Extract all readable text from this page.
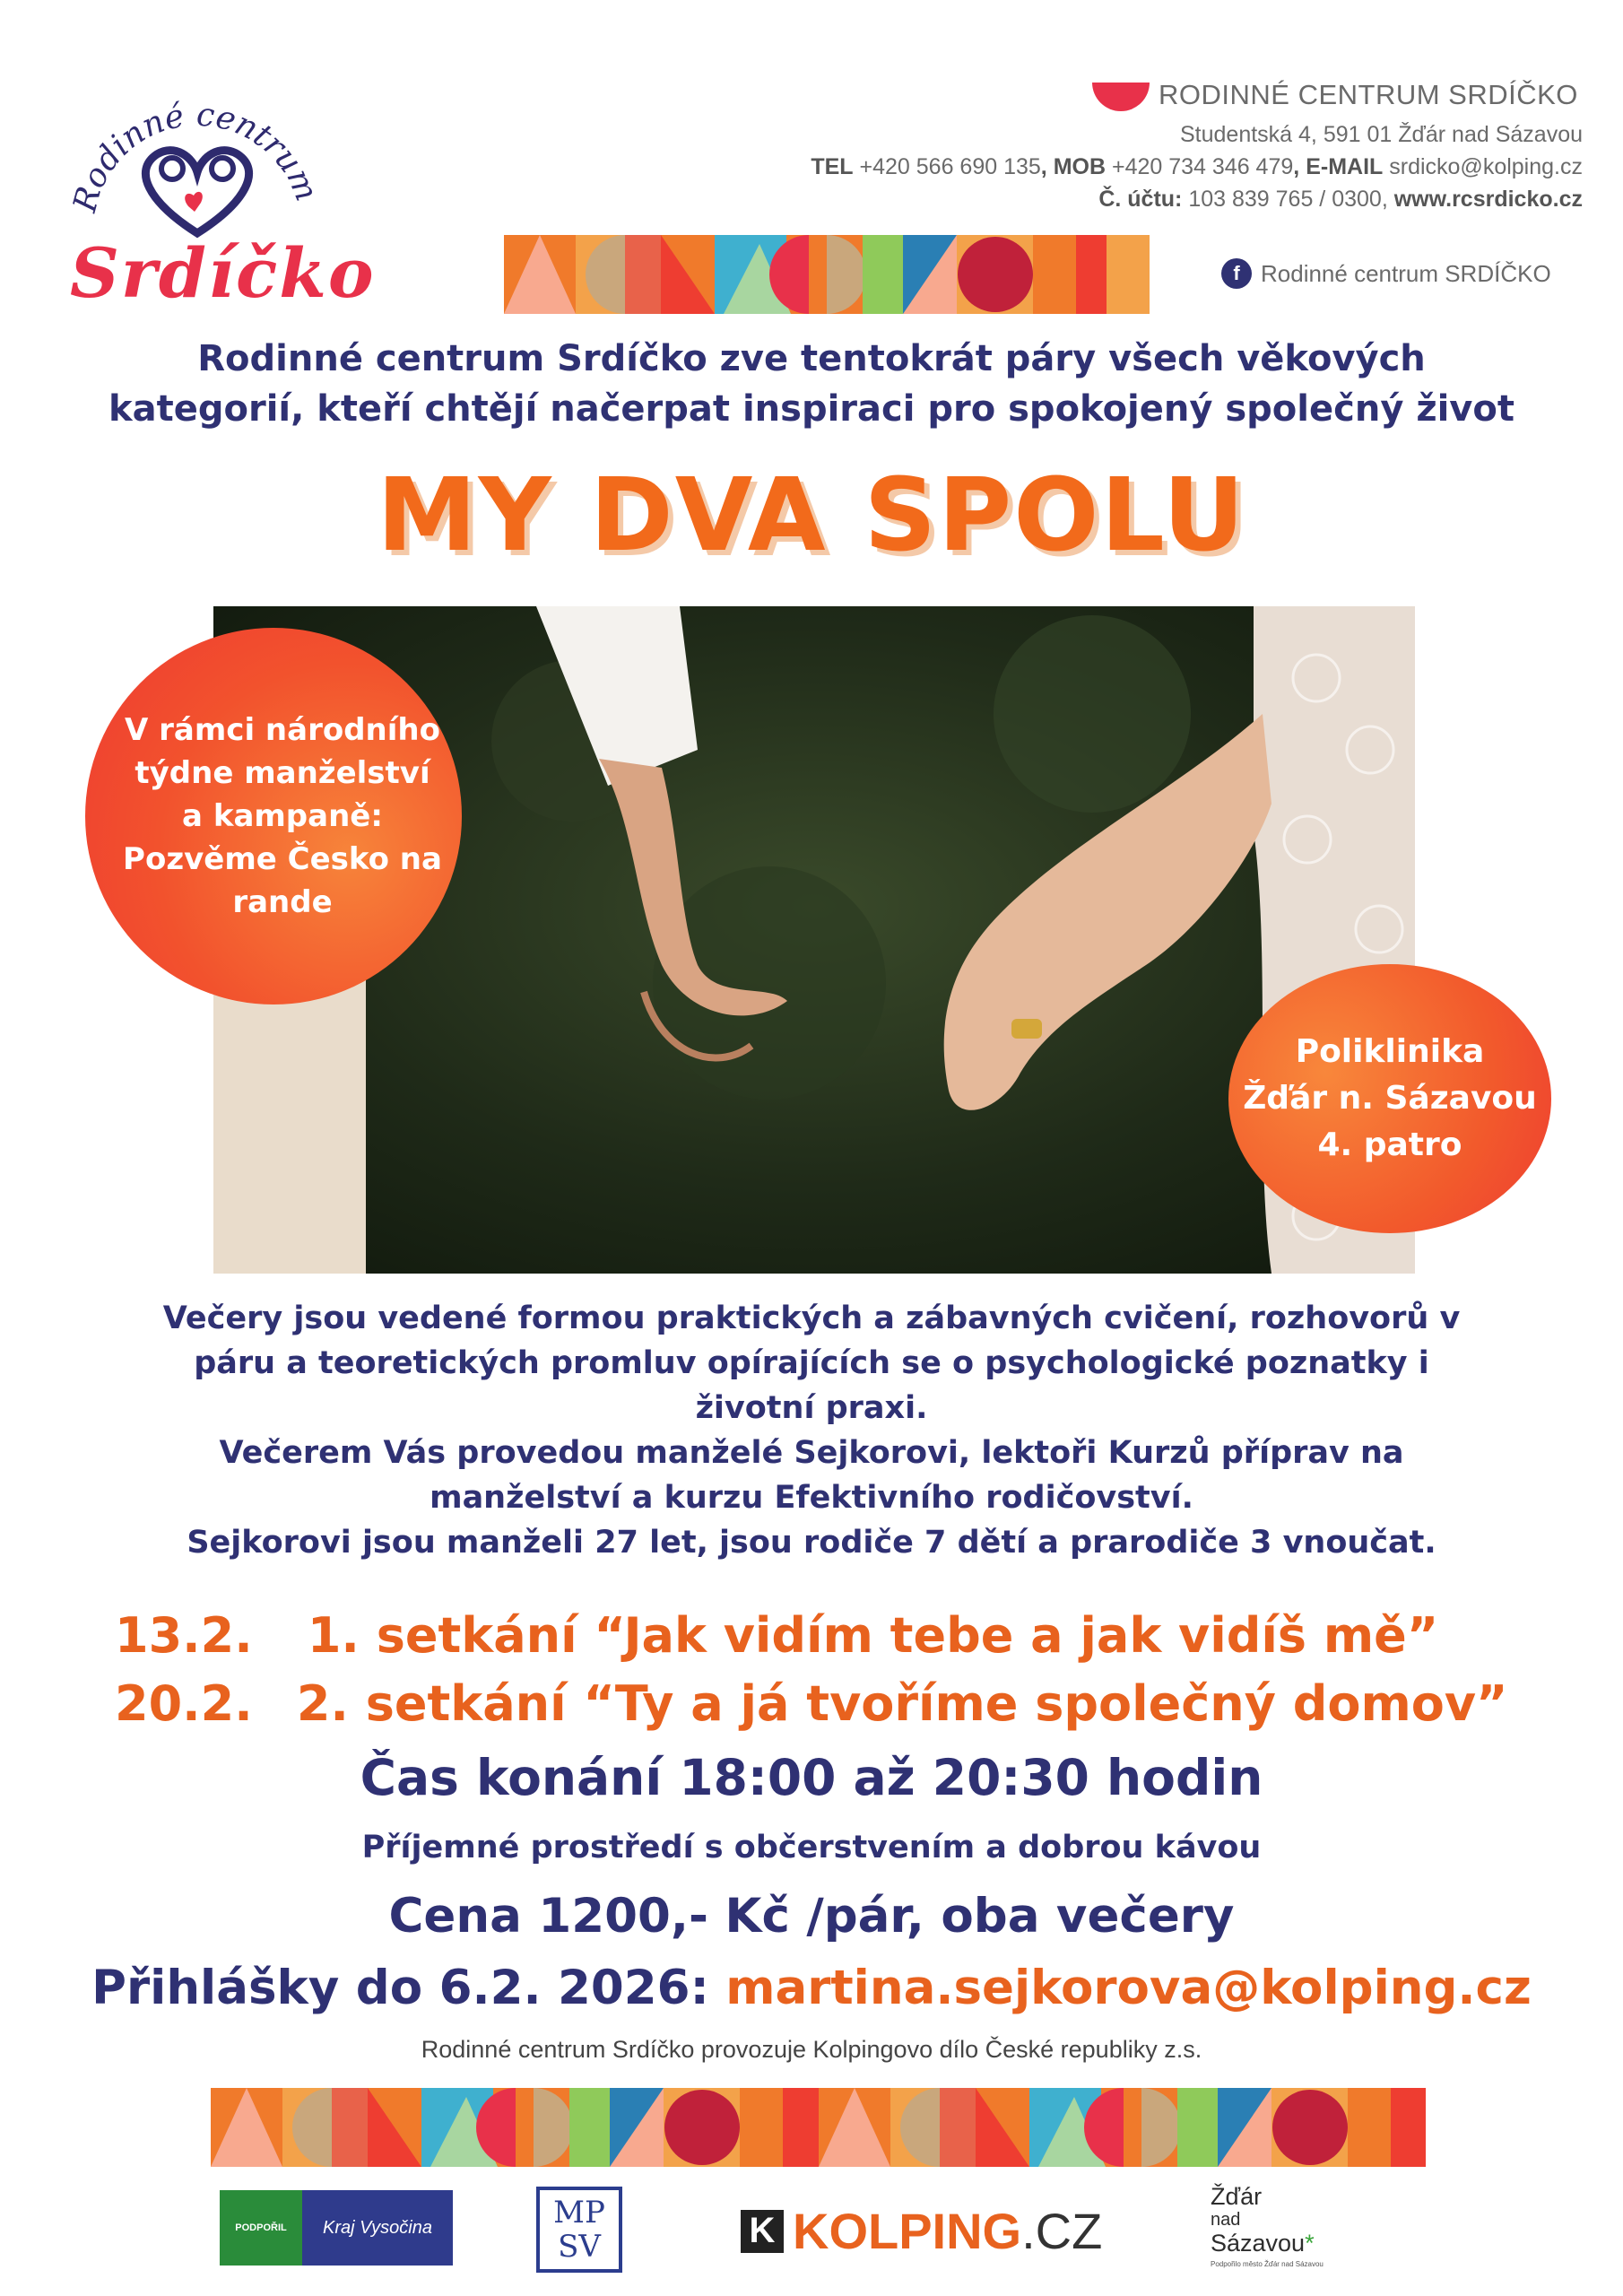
Rodinné centrum
Srdíčko
RODINNÉ CENTRUM SRDÍČKO
Studentská 4, 591 01 Žďár nad Sázavou
TEL +420 566 690 135, MOB +420 734 346 479, E-MAIL srdicko@kolping.cz
Č. účtu: 103 839 765 / 0300, www.rcsrdicko.cz
f Rodinné centrum SRDÍČKO
Rodinné centrum Srdíčko zve tentokrát páry všech věkových
kategorií, kteří chtějí načerpat inspiraci pro spokojený společný život
MY DVA SPOLU
V rámci národního
týdne manželství
a kampaně:
Pozvěme Česko na
rande
Poliklinika
Žďár n. Sázavou
4. patro
Večery jsou vedené formou praktických a zábavných cvičení, rozhovorů v
páru a teoretických promluv opírajících se o psychologické poznatky i
životní praxi.
Večerem Vás provedou manželé Sejkorovi, lektoři Kurzů příprav na
manželství a kurzu Efektivního rodičovství.
Sejkorovi jsou manželi 27 let, jsou rodiče 7 dětí a prarodiče 3 vnoučat.
13.2. 1. setkání “Jak vidím tebe a jak vidíš mě”
20.2. 2. setkání “Ty a já tvoříme společný domov”
Čas konání 18:00 až 20:30 hodin
Příjemné prostředí s občerstvením a dobrou kávou
Cena 1200,- Kč /pár, oba večery
Přihlášky do 6.2. 2026: martina.sejkorova@kolping.cz
Rodinné centrum Srdíčko provozuje Kolpingovo dílo České republiky z.s.
PODPOŘIL	Kraj Vysočina	MP
SV	K KOLPING .CZ
Žďár
nad
Sázavou*
Podpořilo město Žďár nad Sázavou
